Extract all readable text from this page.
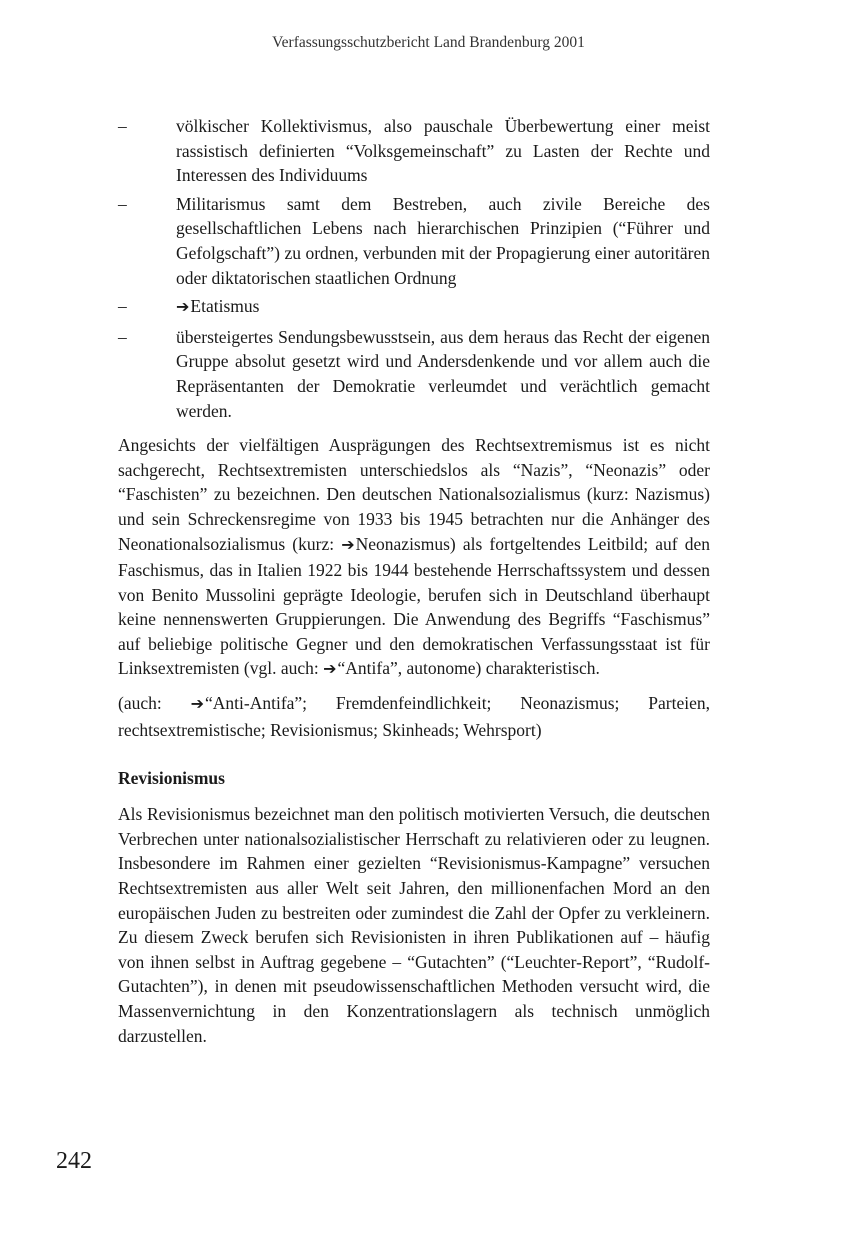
Verfassungsschutzbericht Land Brandenburg 2001
–	völkischer Kollektivismus, also pauschale Überbewertung einer meist rassistisch definierten “Volksgemeinschaft” zu Lasten der Rechte und Interessen des Individuums
–	Militarismus samt dem Bestreben, auch zivile Bereiche des gesellschaftlichen Lebens nach hierarchischen Prinzipien (“Führer und Gefolgschaft”) zu ordnen, verbunden mit der Propagierung einer autoritären oder diktatorischen staatlichen Ordnung
–	➔Etatismus
–	übersteigertes Sendungsbewusstsein, aus dem heraus das Recht der eigenen Gruppe absolut gesetzt wird und Andersdenkende und vor allem auch die Repräsentanten der Demokratie verleumdet und verächtlich gemacht werden.

Angesichts der vielfältigen Ausprägungen des Rechtsextremismus ist es nicht sachgerecht, Rechtsextremisten unterschiedslos als “Nazis”, “Neonazis” oder “Faschisten” zu bezeichnen. Den deutschen Nationalsozialismus (kurz: Nazismus) und sein Schreckensregime von 1933 bis 1945 betrachten nur die Anhänger des Neonationalsozialismus (kurz: ➔Neonazismus) als fortgeltendes Leitbild; auf den Faschismus, das in Italien 1922 bis 1944 bestehende Herrschaftssystem und dessen von Benito Mussolini geprägte Ideologie, berufen sich in Deutschland überhaupt keine nennenswerten Gruppierungen. Die Anwendung des Begriffs “Faschismus” auf beliebige politische Gegner und den demokratischen Verfassungsstaat ist für Linksextremisten (vgl. auch: ➔“Antifa”, autonome) charakteristisch.

(auch: ➔“Anti-Antifa”; Fremdenfeindlichkeit; Neonazismus; Parteien, rechtsextremistische; Revisionismus; Skinheads; Wehrsport)

Revisionismus

Als Revisionismus bezeichnet man den politisch motivierten Versuch, die deutschen Verbrechen unter nationalsozialistischer Herrschaft zu relativieren oder zu leugnen. Insbesondere im Rahmen einer gezielten “Revisionismus-Kampagne” versuchen Rechtsextremisten aus aller Welt seit Jahren, den millionenfachen Mord an den europäischen Juden zu bestreiten oder zumindest die Zahl der Opfer zu verkleinern. Zu diesem Zweck berufen sich Revisionisten in ihren Publikationen auf – häufig von ihnen selbst in Auftrag gegebene – “Gutachten” (“Leuchter-Report”, “Rudolf-Gutachten”), in denen mit pseudowissenschaftlichen Methoden versucht wird, die Massenvernichtung in den Konzentrationslagern als technisch unmöglich darzustellen.

242
